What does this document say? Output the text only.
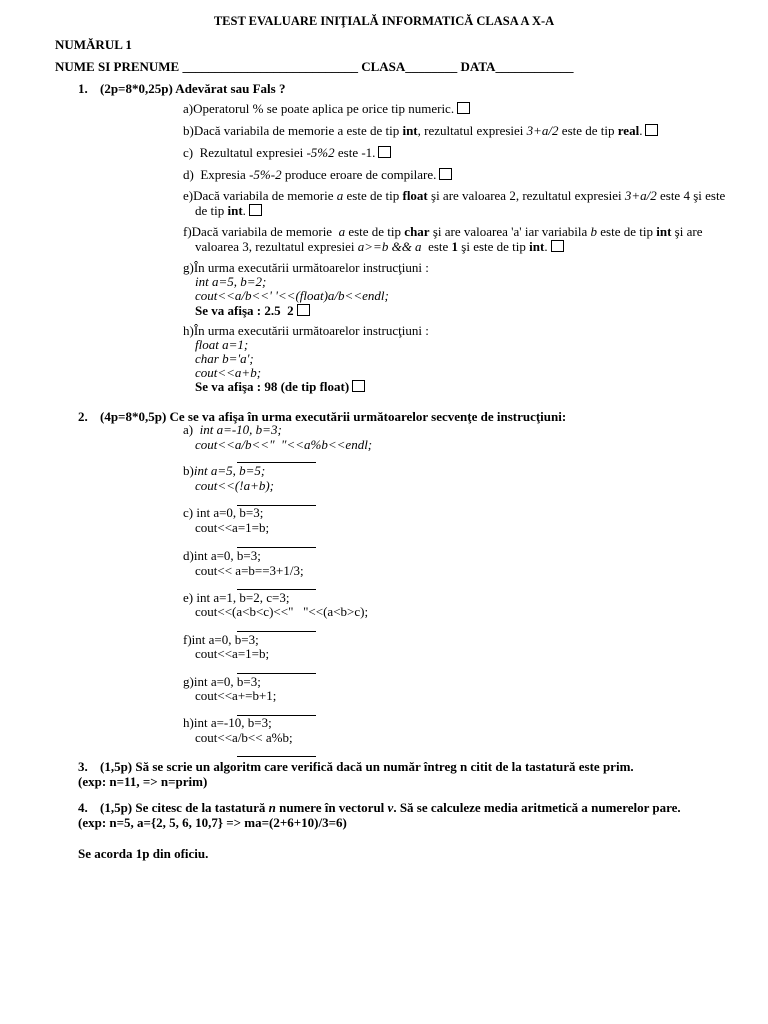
TEST EVALUARE INIŢIALĂ INFORMATICĂ CLASA A X-A
NUMĂRUL 1
NUME SI PRENUME ___________________________ CLASA________ DATA____________
1. (2p=8*0,25p) Adevărat sau Fals ?
a)Operatorul % se poate aplica pe orice tip numeric.
b)Dacă variabila de memorie a este de tip int, rezultatul expresiei 3+a/2 este de tip real.
c)  Rezultatul expresiei -5%2 este -1.
d)  Expresia -5%-2 produce eroare de compilare.
e)Dacă variabila de memorie a este de tip float şi are valoarea 2, rezultatul expresiei 3+a/2 este 4 şi este
de tip int.
f)Dacă variabila de memorie  a este de tip char şi are valoarea 'a' iar variabila b este de tip int şi are
valoarea 3, rezultatul expresiei a>=b && a  este 1 şi este de tip int.
g)În urma executării următoarelor instrucţiuni :
int a=5, b=2;
cout<<a/b<<' '<<(float)a/b<<endl;
Se va afişa : 2.5  2
h)În urma executării următoarelor instrucţiuni :
float a=1;
char b='a';
cout<<a+b;
Se va afişa : 98 (de tip float)
2. (4p=8*0,5p) Ce se va afişa în urma executării următoarelor secvenţe de instrucţiuni:
a)  int a=-10, b=3;
cout<<a/b<<"  "<<a%b<<endl;
b)int a=5, b=5;
cout<<(!a+b);
c) int a=0, b=3;
cout<<a=1=b;
d)int a=0, b=3;
cout<< a=b==3+1/3;
e) int a=1, b=2, c=3;
cout<<(a<b<c)<<"   "<<(a<b>c);
f)int a=0, b=3;
cout<<a=1=b;
g)int a=0, b=3;
cout<<a+=b+1;
h)int a=-10, b=3;
cout<<a/b<< a%b;
3. (1,5p) Să se scrie un algoritm care verifică dacă un număr întreg n citit de la tastatură este prim.
(exp: n=11, => n=prim)
4. (1,5p) Se citesc de la tastatură n numere în vectorul v. Să se calculeze media aritmetică a numerelor pare.
(exp: n=5, a={2, 5, 6, 10,7} => ma=(2+6+10)/3=6)
Se acorda 1p din oficiu.
